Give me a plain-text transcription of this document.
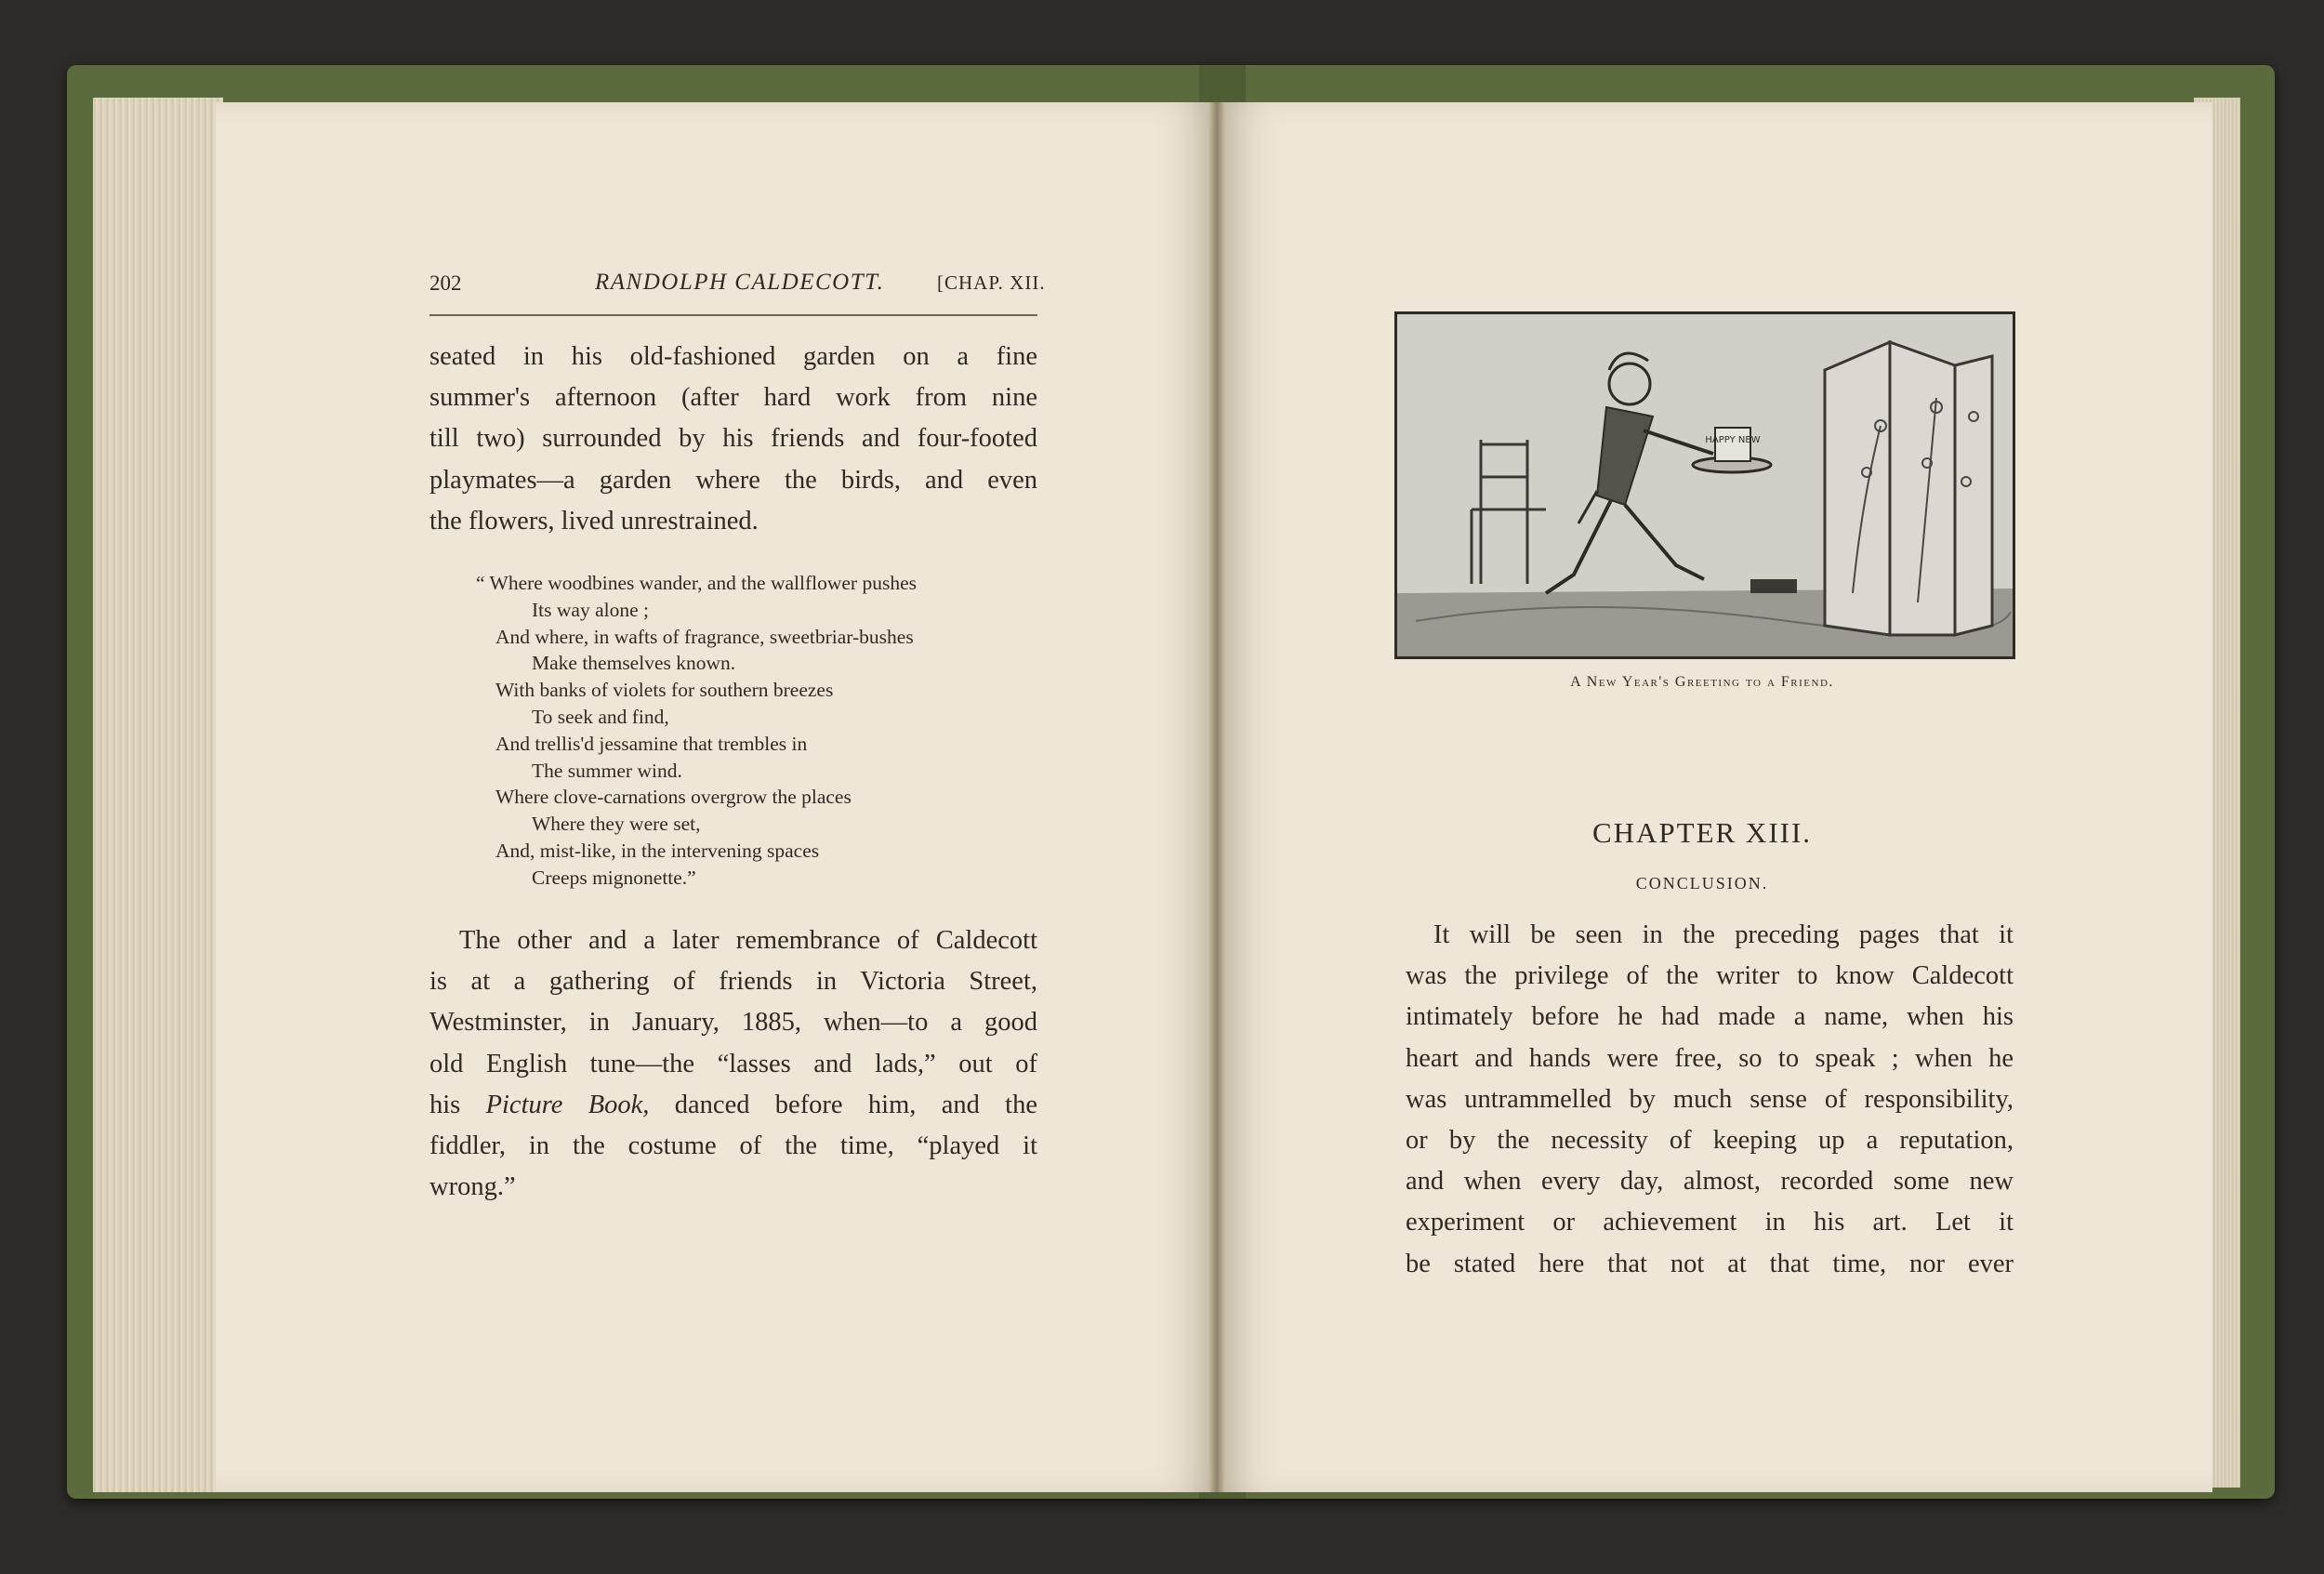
202	RANDOLPH CALDECOTT.	[CHAP. XII.
seated in his old-fashioned garden on a fine
summer's afternoon (after hard work from nine
till two) surrounded by his friends and four-footed
playmates—a garden where the birds, and even
the flowers, lived unrestrained.
“ Where woodbines wander, and the wallflower pushes
Its way alone ;
And where, in wafts of fragrance, sweetbriar-bushes
Make themselves known.
With banks of violets for southern breezes
To seek and find,
And trellis'd jessamine that trembles in
The summer wind.
Where clove-carnations overgrow the places
Where they were set,
And, mist-like, in the intervening spaces
Creeps mignonette.”
The other and a later remembrance of Caldecott
is at a gathering of friends in Victoria Street,
Westminster, in January, 1885, when—to a good
old English tune—the “lasses and lads,” out of
his Picture Book, danced before him, and the
fiddler, in the costume of the time, “played it
wrong.”
HAPPY NEW
A New Year's Greeting to a Friend.
CHAPTER XIII.
CONCLUSION.
It will be seen in the preceding pages that it
was the privilege of the writer to know Caldecott
intimately before he had made a name, when his
heart and hands were free, so to speak ; when he
was untrammelled by much sense of responsibility,
or by the necessity of keeping up a reputation,
and when every day, almost, recorded some new
experiment or achievement in his art. Let it
be stated here that not at that time, nor ever
